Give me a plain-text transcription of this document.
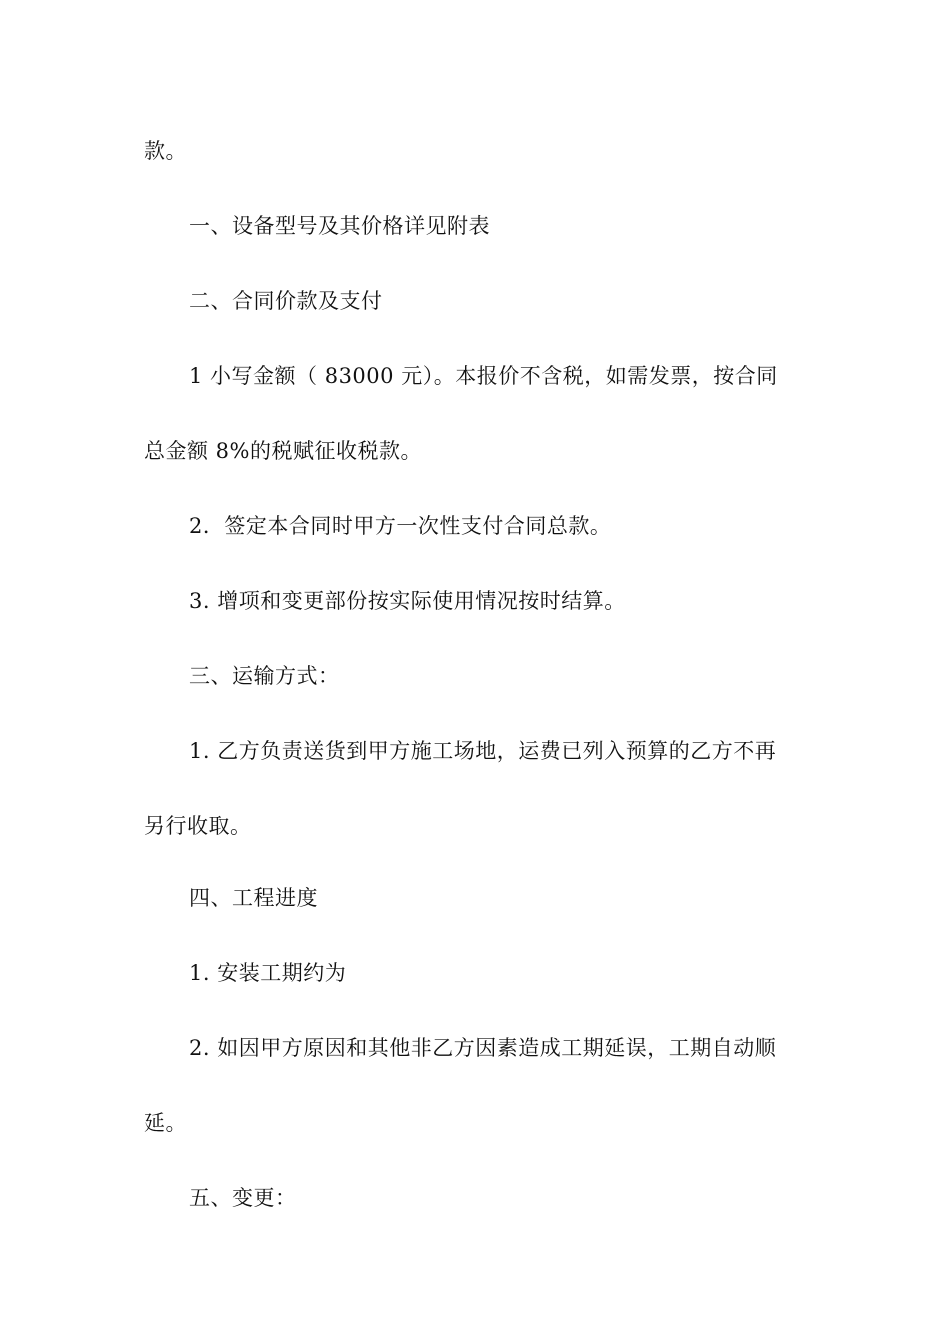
款。
一、设备型号及其价格详见附表
二、合同价款及支付
1 小写金额（ 83000 元）。本报价不含税，如需发票，按合同
总金额 8%的税赋征收税款。
2．签定本合同时甲方一次性支付合同总款。
3. 增项和变更部份按实际使用情况按时结算。
三、运输方式：
1. 乙方负责送货到甲方施工场地，运费已列入预算的乙方不再
另行收取。
四、工程进度
1. 安装工期约为
2. 如因甲方原因和其他非乙方因素造成工期延误，工期自动顺
延。
五、变更：
